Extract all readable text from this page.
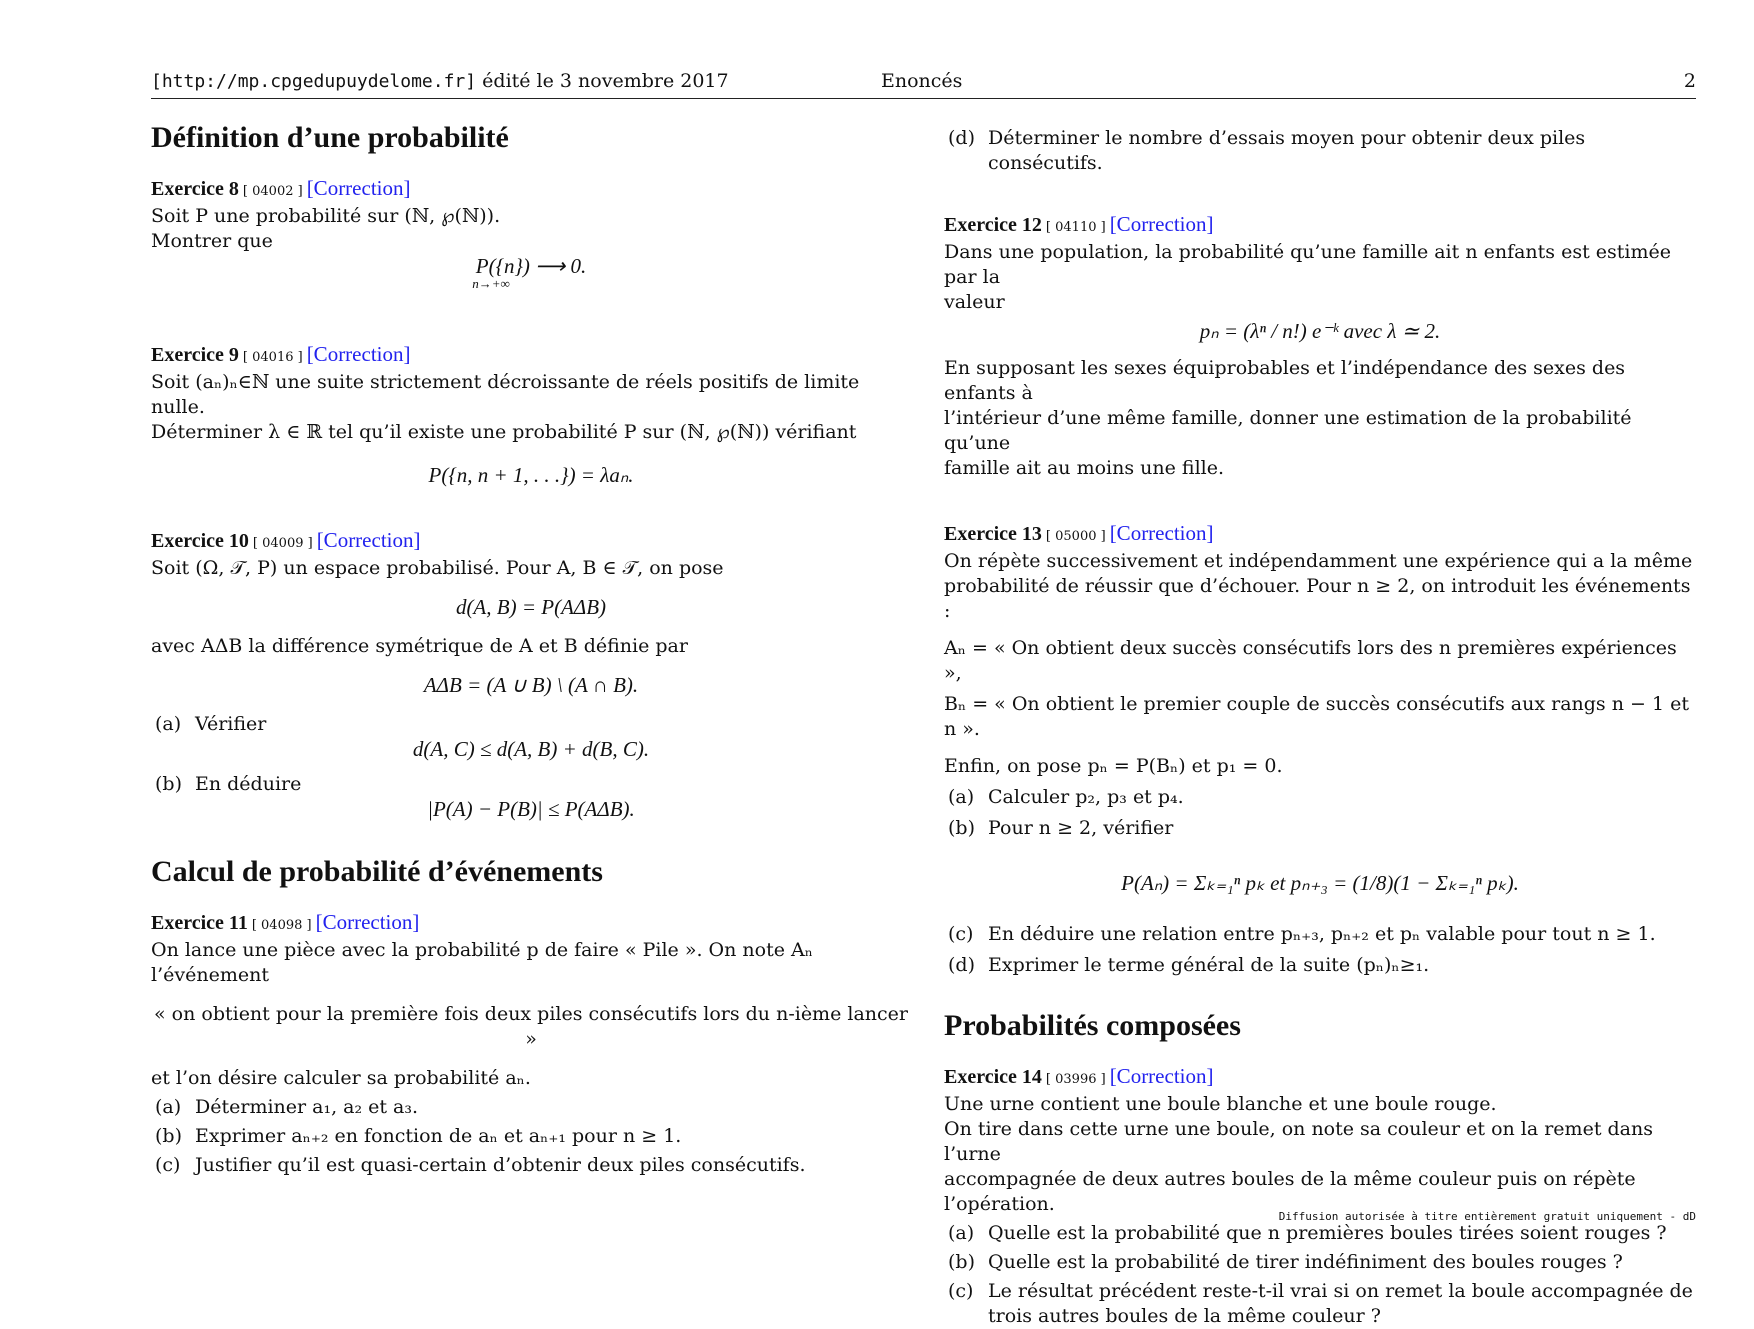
[http://mp.cpgedupuydelome.fr] édité le 3 novembre 2017	Enoncés	2
Définition d’une probabilité
Exercice 8 [ 04002 ] [Correction]

Soit P une probabilité sur (ℕ, ℘(ℕ)).

Montrer que

P({n}) ⟶ 0.
$^{n\to+\infty}$

Exercice 9 [ 04016 ] [Correction]

Soit (aₙ)ₙ∈ℕ une suite strictement décroissante de réels positifs de limite nulle.

Déterminer λ ∈ ℝ tel qu’il existe une probabilité P sur (ℕ, ℘(ℕ)) vérifiant

P({n, n + 1, . . .}) = λaₙ.

Exercice 10 [ 04009 ] [Correction]

Soit (Ω, 𝒯, P) un espace probabilisé. Pour A, B ∈ 𝒯, on pose

d(A, B) = P(AΔB)

avec AΔB la différence symétrique de A et B définie par

AΔB = (A ∪ B) \ (A ∩ B).

(a) Vérifier

d(A, C) ≤ d(A, B) + d(B, C).

(b) En déduire

|P(A) − P(B)| ≤ P(AΔB).

Calcul de probabilité d’événements
Exercice 11 [ 04098 ] [Correction]

On lance une pièce avec la probabilité p de faire « Pile ». On note Aₙ l’événement

« on obtient pour la première fois deux piles consécutifs lors du n-ième lancer »

et l’on désire calculer sa probabilité aₙ.

(a) Déterminer a₁, a₂ et a₃.
(b) Exprimer aₙ₊₂ en fonction de aₙ et aₙ₊₁ pour n ≥ 1.
(c) Justifier qu’il est quasi-certain d’obtenir deux piles consécutifs.
(d) Déterminer le nombre d’essais moyen pour obtenir deux piles consécutifs.
Exercice 12 [ 04110 ] [Correction]

Dans une population, la probabilité qu’une famille ait n enfants est estimée par la

valeur

pₙ = (λⁿ / n!) e⁻ᵏ avec λ ≃ 2.

En supposant les sexes équiprobables et l’indépendance des sexes des enfants à

l’intérieur d’une même famille, donner une estimation de la probabilité qu’une

famille ait au moins une fille.

Exercice 13 [ 05000 ] [Correction]

On répète successivement et indépendamment une expérience qui a la même

probabilité de réussir que d’échouer. Pour n ≥ 2, on introduit les événements :

Aₙ = « On obtient deux succès consécutifs lors des n premières expériences »,

Bₙ = « On obtient le premier couple de succès consécutifs aux rangs n − 1 et n ».

Enfin, on pose pₙ = P(Bₙ) et p₁ = 0.

(a) Calculer p₂, p₃ et p₄.
(b) Pour n ≥ 2, vérifier

P(Aₙ) = Σₖ₌₁ⁿ pₖ et pₙ₊₃ = (1/8)(1 − Σₖ₌₁ⁿ pₖ).

(c) En déduire une relation entre pₙ₊₃, pₙ₊₂ et pₙ valable pour tout n ≥ 1.
(d) Exprimer le terme général de la suite (pₙ)ₙ≥₁.
Probabilités composées
Exercice 14 [ 03996 ] [Correction]

Une urne contient une boule blanche et une boule rouge.

On tire dans cette urne une boule, on note sa couleur et on la remet dans l’urne

accompagnée de deux autres boules de la même couleur puis on répète l’opération.

(a) Quelle est la probabilité que n premières boules tirées soient rouges ?
(b) Quelle est la probabilité de tirer indéfiniment des boules rouges ?
(c) Le résultat précédent reste-t-il vrai si on remet la boule accompagnée de trois autres boules de la même couleur ?
Diffusion autorisée à titre entièrement gratuit uniquement - dD
